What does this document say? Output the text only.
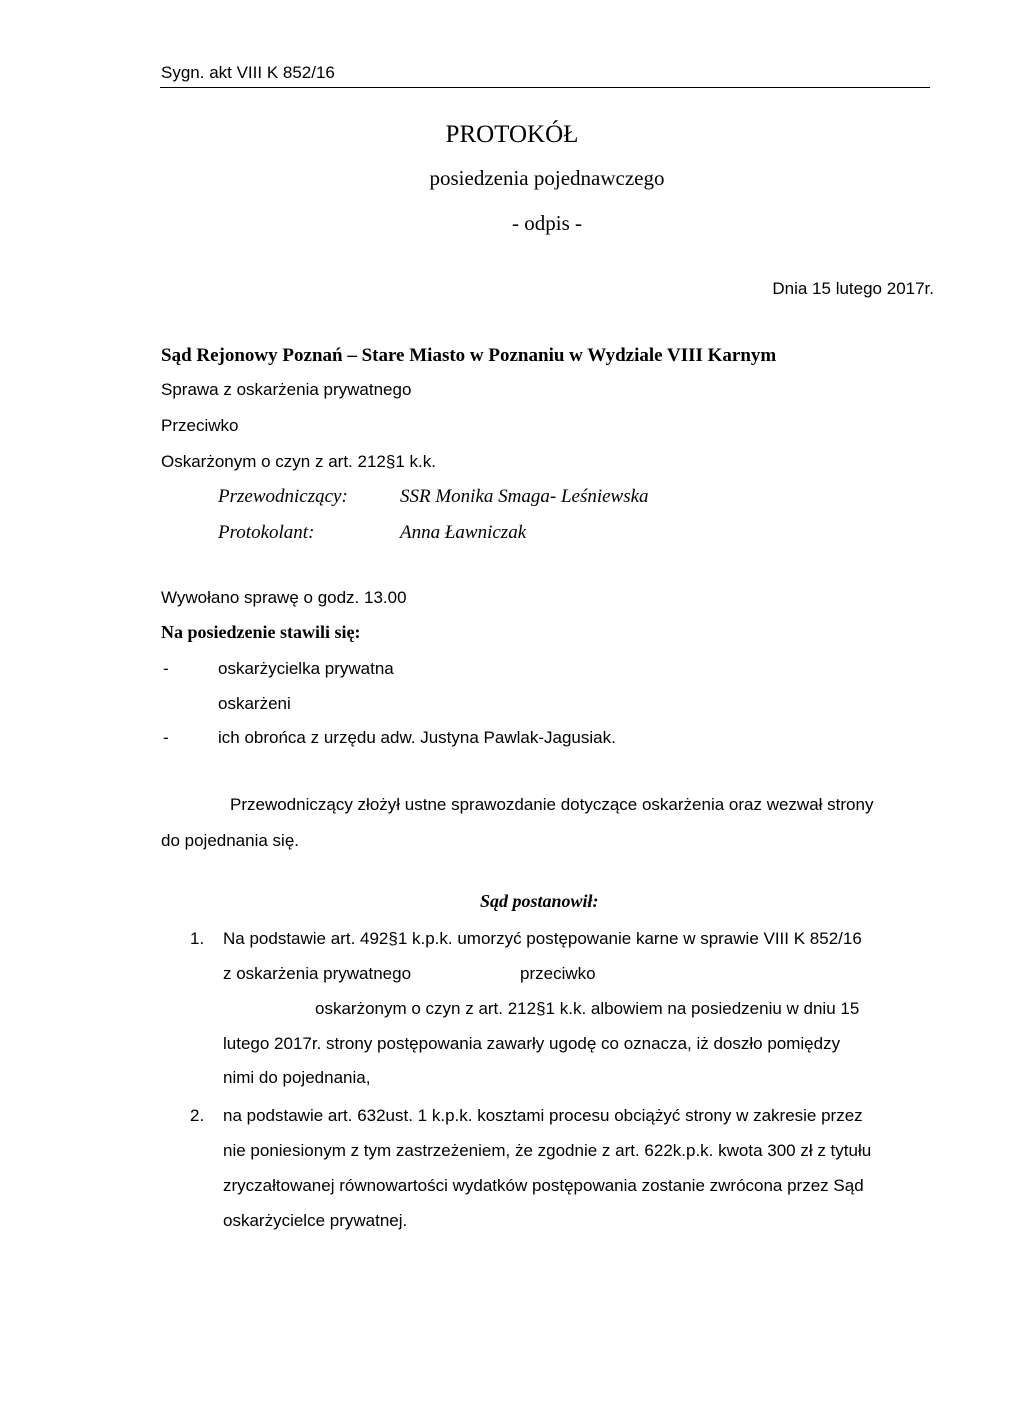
Sygn. akt VIII K 852/16
PROTOKÓŁ
posiedzenia pojednawczego
- odpis -
Dnia 15 lutego 2017r.
Sąd Rejonowy Poznań – Stare Miasto w Poznaniu w Wydziale VIII Karnym
Sprawa z oskarżenia prywatnego
Przeciwko
Oskarżonym o czyn z art. 212§1 k.k.
Przewodniczący:	SSR Monika Smaga- Leśniewska
Protokolant:	Anna Ławniczak
Wywołano sprawę o godz. 13.00
Na posiedzenie stawili się:
-	oskarżycielka prywatna
oskarżeni
-	ich obrońca z urzędu adw. Justyna Pawlak-Jagusiak.
Przewodniczący złożył ustne sprawozdanie dotyczące oskarżenia oraz wezwał strony
do pojednania się.
Sąd postanowił:
1. Na podstawie art. 492§1 k.p.k. umorzyć postępowanie karne w sprawie VIII K 852/16
z oskarżenia prywatnego	przeciwko
oskarżonym o czyn z art. 212§1 k.k. albowiem na posiedzeniu w dniu 15
lutego 2017r. strony postępowania zawarły ugodę co oznacza, iż doszło pomiędzy
nimi do pojednania,
2. na podstawie art. 632ust. 1 k.p.k. kosztami procesu obciążyć strony w zakresie przez
nie poniesionym z tym zastrzeżeniem, że zgodnie z art. 622k.p.k. kwota 300 zł z tytułu
zryczałtowanej równowartości wydatków postępowania zostanie zwrócona przez Sąd
oskarżycielce prywatnej.
